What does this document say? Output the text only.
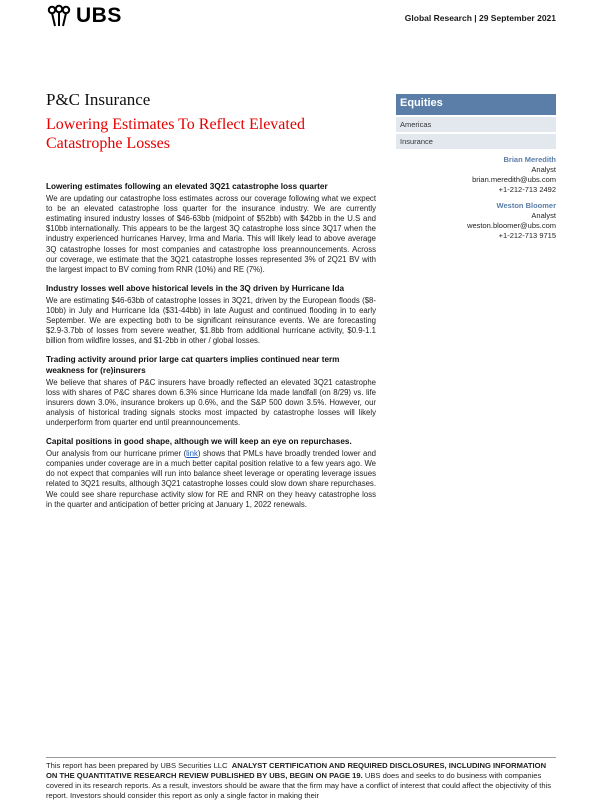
UBS	Global Research | 29 September 2021
P&C Insurance
Lowering Estimates To Reflect Elevated
Catastrophe Losses
Equities
Americas
Insurance
Brian Meredith
Analyst
brian.meredith@ubs.com
+1-212-713 2492
Weston Bloomer
Analyst
weston.bloomer@ubs.com
+1-212-713 9715
Lowering estimates following an elevated 3Q21 catastrophe loss quarter

We are updating our catastrophe loss estimates across our coverage following what we expect to be an elevated catastrophe loss quarter for the insurance industry. We are currently estimating insured industry losses of $46-63bb (midpoint of $52bb) with $42bb in the U.S and $10bb internationally. This appears to be the largest 3Q catastrophe loss since 3Q17 when the industry experienced hurricanes Harvey, Irma and Maria. This will likely lead to above average 3Q catastrophe losses for most companies and catastrophe loss preannouncements. Across our coverage, we estimate that the 3Q21 catastrophe losses represented 3% of 2Q21 BV with the largest impact to BV coming from RNR (10%) and RE (7%).

Industry losses well above historical levels in the 3Q driven by Hurricane Ida

We are estimating $46-63bb of catastrophe losses in 3Q21, driven by the European floods ($8-10bb) in July and Hurricane Ida ($31-44bb) in late August and continued flooding in to early September. We are expecting both to be significant reinsurance events. We are forecasting $2.9-3.7bb of losses from severe weather, $1.8bb from additional hurricane activity, $0.9-1.1 billion from wildfire losses, and $1-2bb in other / global losses.

Trading activity around prior large cat quarters implies continued near term weakness for (re)insurers

We believe that shares of P&C insurers have broadly reflected an elevated 3Q21 catastrophe loss with shares of P&C shares down 6.3% since Hurricane Ida made landfall (on 8/29) vs. life insurers down 3.0%, insurance brokers up 0.6%, and the S&P 500 down 3.5%. However, our analysis of historical trading signals stocks most impacted by catastrophe losses will likely underperform from quarter end until preannouncements.

Capital positions in good shape, although we will keep an eye on repurchases.

Our analysis from our hurricane primer (link) shows that PMLs have broadly trended lower and companies under coverage are in a much better capital position relative to a few years ago. We do not expect that companies will run into balance sheet leverage or operating leverage issues related to 3Q21 results, although 3Q21 catastrophe losses could slow down share repurchases. We could see share repurchase activity slow for RE and RNR on they heavy catastrophe loss in the quarter and anticipation of better pricing at January 1, 2022 renewals.

This report has been prepared by UBS Securities LLC ANALYST CERTIFICATION AND REQUIRED DISCLOSURES, INCLUDING INFORMATION ON THE QUANTITATIVE RESEARCH REVIEW PUBLISHED BY UBS, BEGIN ON PAGE 19. UBS does and seeks to do business with companies covered in its research reports. As a result, investors should be aware that the firm may have a conflict of interest that could affect the objectivity of this report. Investors should consider this report as only a single factor in making their
